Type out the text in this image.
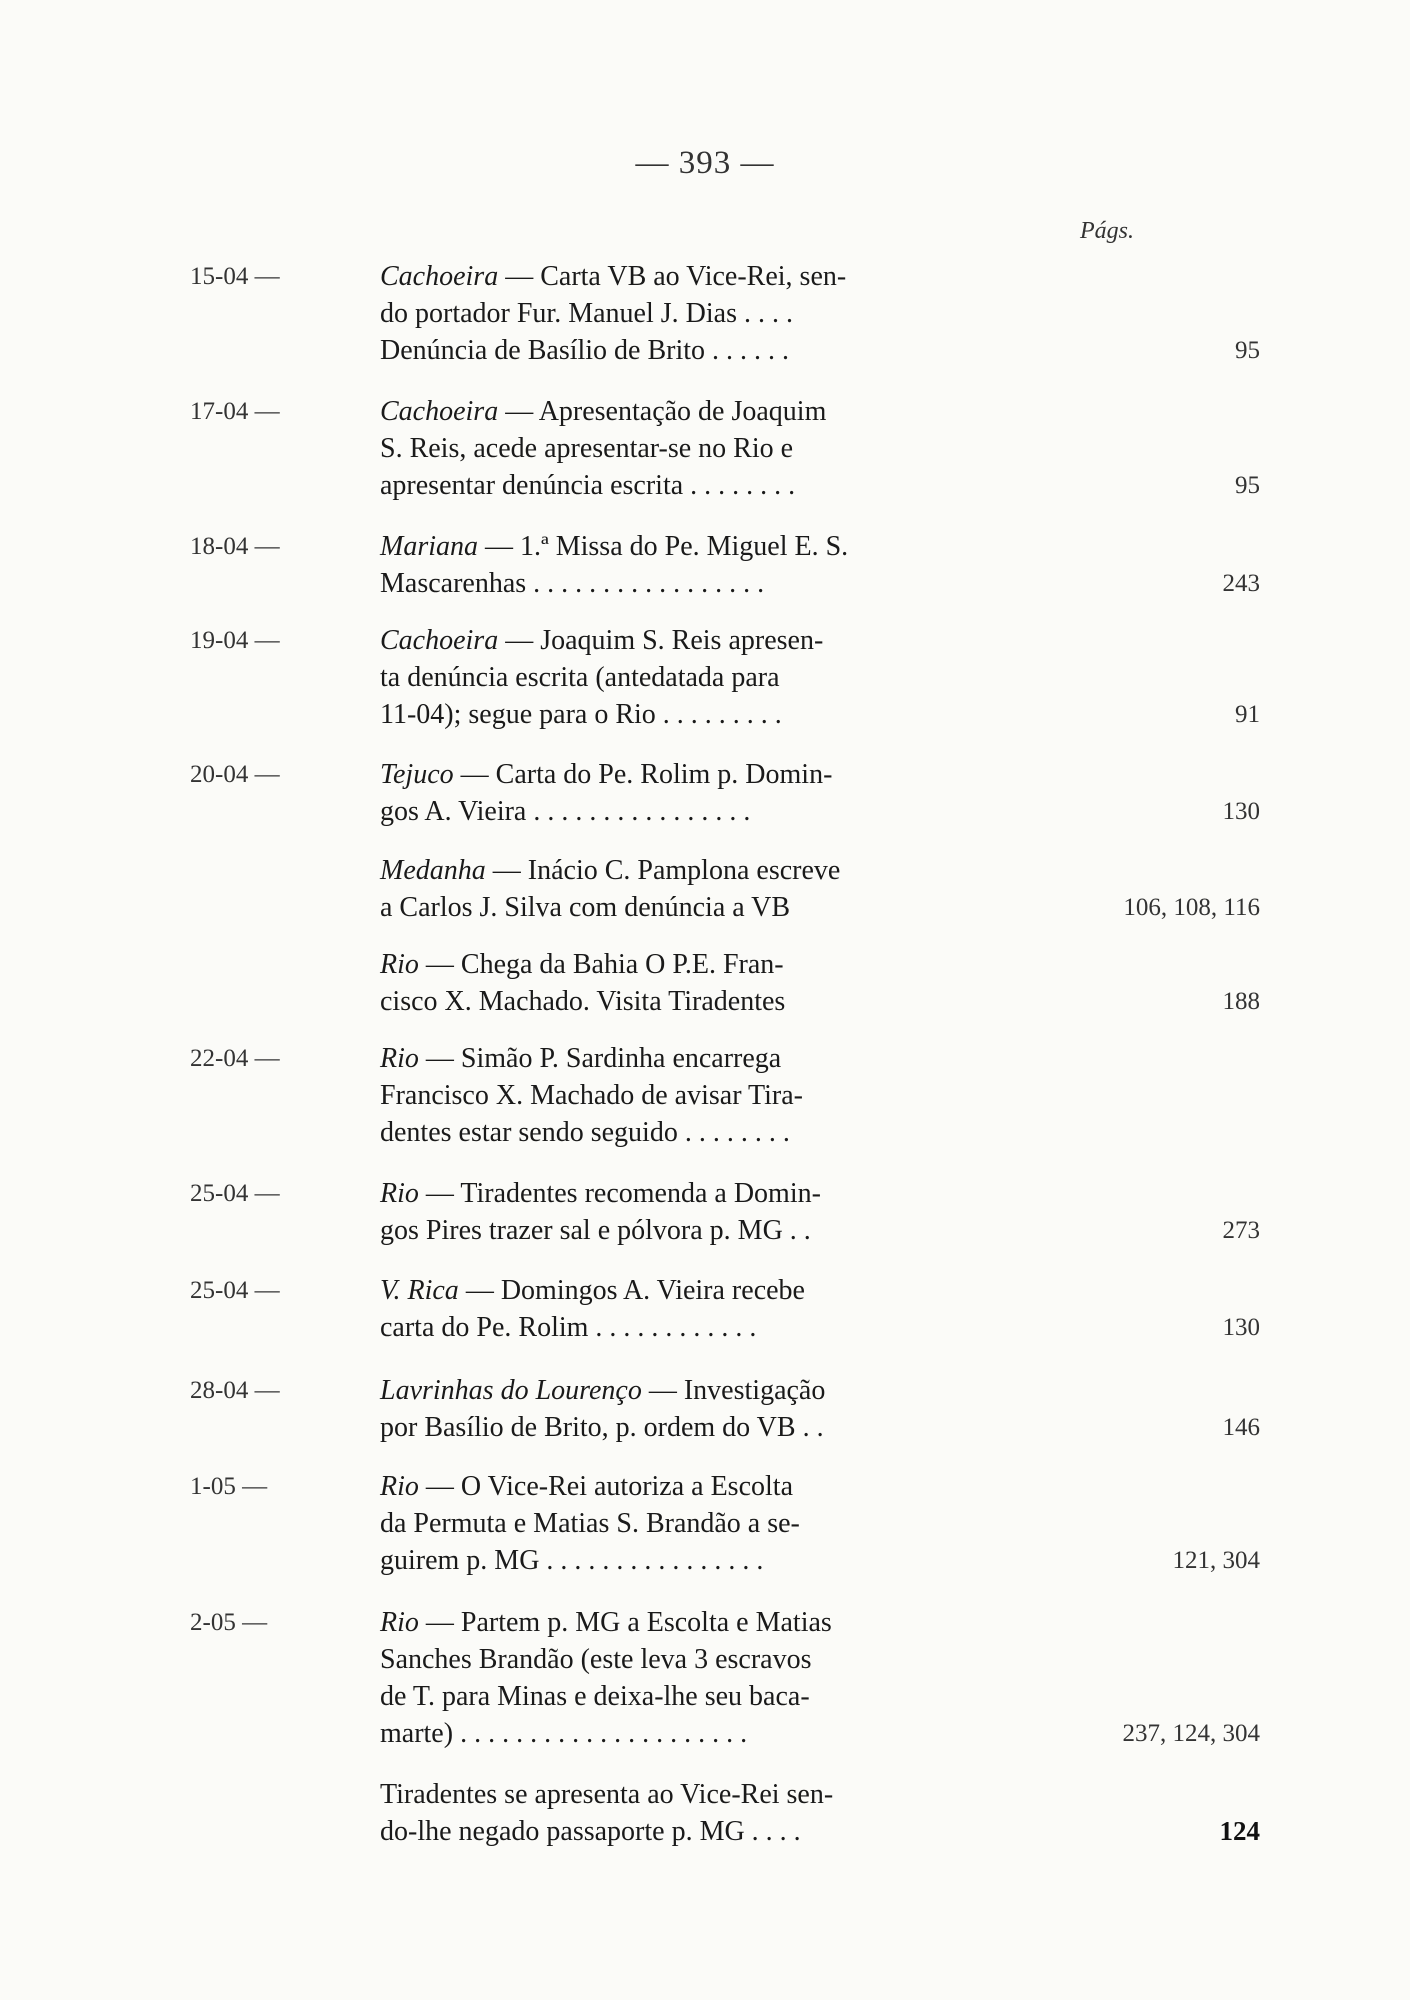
— 393 —
Págs.
15-04 —	Cachoeira — Carta VB ao Vice-Rei, sen-
do portador Fur. Manuel J. Dias . . . .
Denúncia de Basílio de Brito . . . . . .	95
17-04 —	Cachoeira — Apresentação de Joaquim
S. Reis, acede apresentar-se no Rio e
apresentar denúncia escrita . . . . . . . .	95
18-04 —	Mariana — 1.ª Missa do Pe. Miguel E. S.
Mascarenhas . . . . . . . . . . . . . . . . .	243
19-04 —	Cachoeira — Joaquim S. Reis apresen-
ta denúncia escrita (antedatada para
11-04); segue para o Rio . . . . . . . . .	91
20-04 —	Tejuco — Carta do Pe. Rolim p. Domin-
gos A. Vieira . . . . . . . . . . . . . . . .	130
Medanha — Inácio C. Pamplona escreve
a Carlos J. Silva com denúncia a VB	106, 108, 116
Rio — Chega da Bahia O P.E. Fran-
cisco X. Machado. Visita Tiradentes	188
22-04 —	Rio — Simão P. Sardinha encarrega
Francisco X. Machado de avisar Tira-
dentes estar sendo seguido . . . . . . . .
25-04 —	Rio — Tiradentes recomenda a Domin-
gos Pires trazer sal e pólvora p. MG . .	273
25-04 —	V. Rica — Domingos A. Vieira recebe
carta do Pe. Rolim . . . . . . . . . . . .	130
28-04 —	Lavrinhas do Lourenço — Investigação
por Basílio de Brito, p. ordem do VB . .	146
1-05 —	Rio — O Vice-Rei autoriza a Escolta
da Permuta e Matias S. Brandão a se-
guirem p. MG . . . . . . . . . . . . . . . .	121, 304
2-05 —	Rio — Partem p. MG a Escolta e Matias
Sanches Brandão (este leva 3 escravos
de T. para Minas e deixa-lhe seu baca-
marte) . . . . . . . . . . . . . . . . . . . . .	237, 124, 304
Tiradentes se apresenta ao Vice-Rei sen-
do-lhe negado passaporte p. MG . . . .	124
